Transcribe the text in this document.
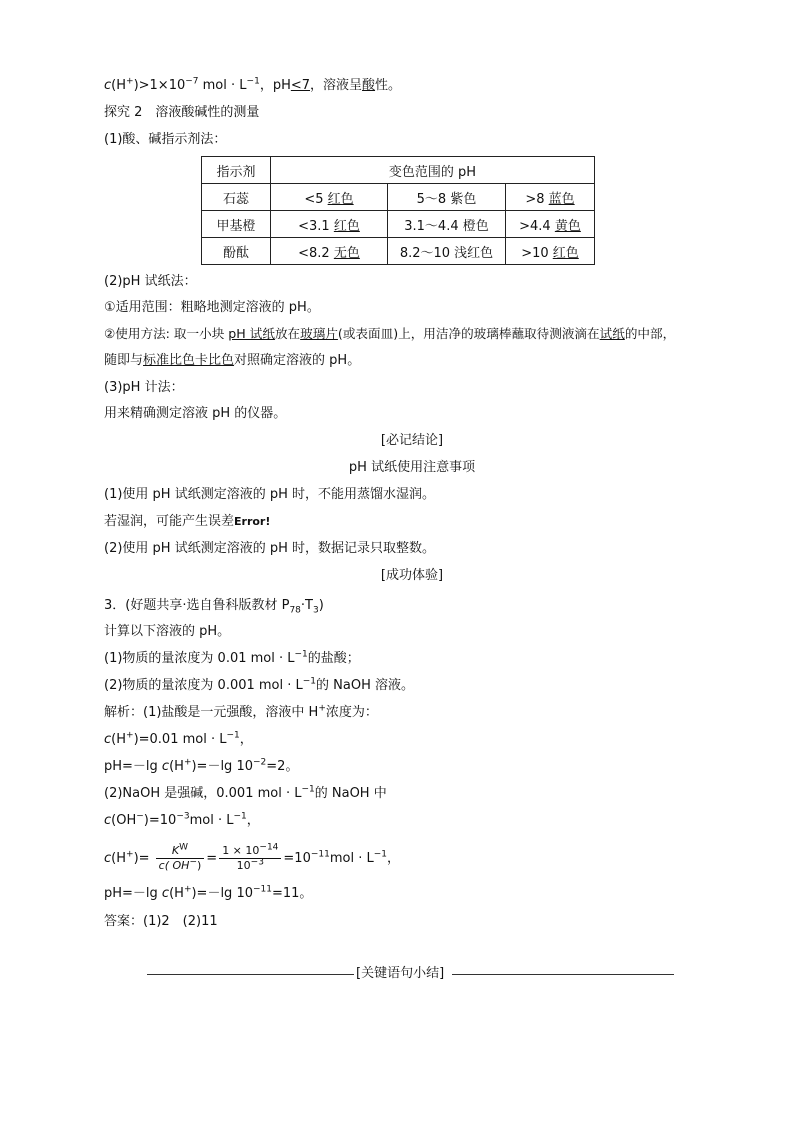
$c(H^+)>1\times 10^{-7}$ mol · $L^{-1}$，pH<7，溶液呈酸性。
探究 2　溶液酸碱性的测量
(1)酸、碱指示剂法：
指示剂	变色范围的 pH		
石蕊	<5 红色	5～8 紫色	>8 蓝色
甲基橙	<3.1 红色	3.1～4.4 橙色	>4.4 黄色
酚酞	<8.2 无色	8.2～10 浅红色	>10 红色
(2)pH 试纸法：
①适用范围：粗略地测定溶液的 pH。
②使用方法: 取一小块 pH 试纸放在玻璃片(或表面皿)上，用洁净的玻璃棒蘸取待测液滴在试纸的中部，
随即与标准比色卡比色对照确定溶液的 pH。
(3)pH 计法：
用来精确测定溶液 pH 的仪器。
[必记结论]
pH 试纸使用注意事项
(1)使用 pH 试纸测定溶液的 pH 时，不能用蒸馏水湿润。
若湿润，可能产生误差Error!
(2)使用 pH 试纸测定溶液的 pH 时，数据记录只取整数。
[成功体验]
3．(好题共享·选自鲁科版教材 $P_{78}\cdot T_3$)
计算以下溶液的 pH。
(1)物质的量浓度为 0.01 mol · $L^{-1}$的盐酸；
(2)物质的量浓度为 0.001 mol · $L^{-1}$的 NaOH 溶液。
解析：(1)盐酸是一元强酸，溶液中 H+浓度为：
c(H+)=0.01 mol · $L^{-1}$，
pH=－lg c(H+)=－lg $10^{-2}=2$。
(2)NaOH 是强碱，0.001 mol · $L^{-1}$的 NaOH 中
$c(OH^-)=10^{-3}mol \cdot L^{-1}$，
$c(H^+)= \frac{K^W}{c( OH^-)} = \frac{1 \times 10^{-14}}{10^{-3}} =10^{-11}mol \cdot L^{-1}$，
pH=－lg c(H+)=－lg $10^{-11}=11$。
答案：(1)2　(2)11
[关键语句小结]
